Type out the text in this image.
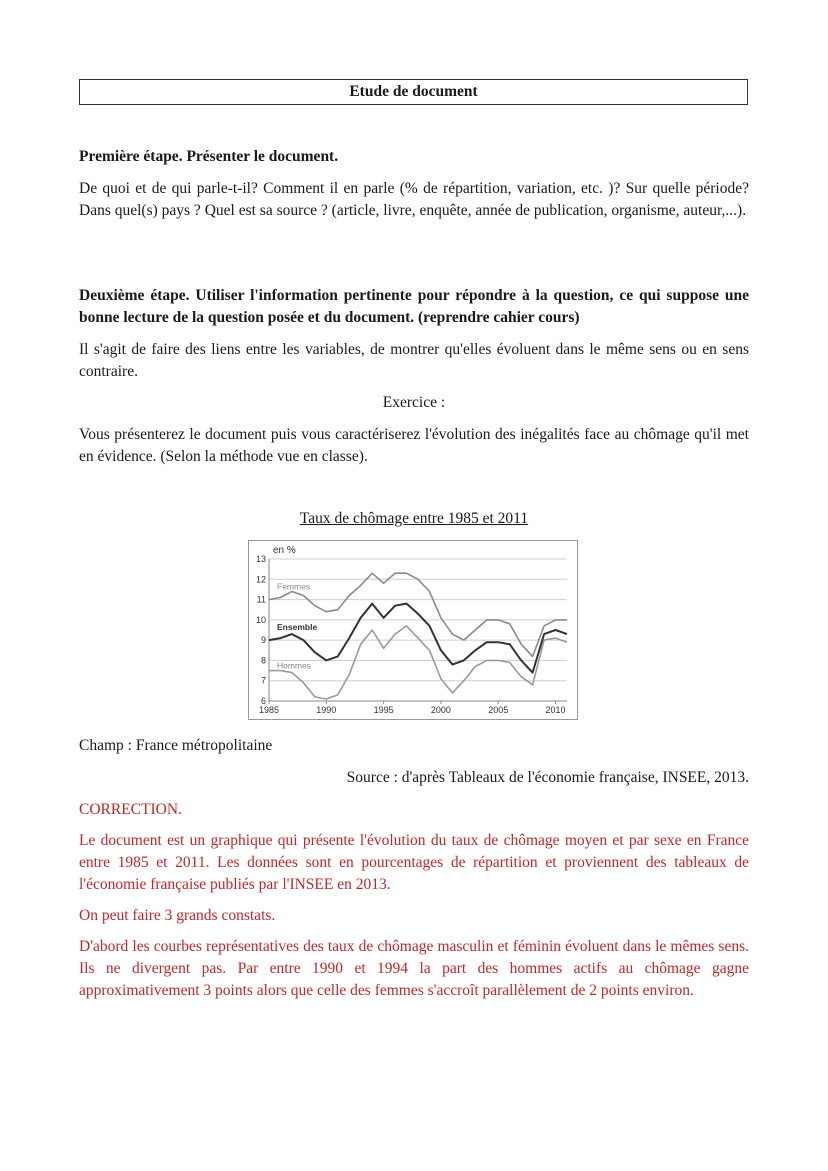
Etude de document

Première étape. Présenter le document.

De quoi et de qui parle-t-il? Comment il en parle (% de répartition, variation, etc. )? Sur quelle période? Dans quel(s) pays ? Quel est sa source ? (article, livre, enquête, année de publication, organisme, auteur,...).

Deuxième étape. Utiliser l'information pertinente pour répondre à la question, ce qui suppose une bonne lecture de la question posée et du document. (reprendre cahier cours)

Il s'agit de faire des liens entre les variables, de montrer qu'elles évoluent dans le même sens ou en sens contraire.

Exercice :

Vous présenterez le document puis vous caractériserez l'évolution des inégalités face au chômage qu'il met en évidence. (Selon la méthode vue en classe).

Taux de chômage entre 1985 et 2011
6
7
8
9
10
11
12
13
1985	1990	1995	2000	2005	2010
en %
Femmes
Ensemble
Hommes

Champ : France métropolitaine

Source : d'après Tableaux de l'économie française, INSEE, 2013.

CORRECTION.

Le document est un graphique qui présente l'évolution du taux de chômage moyen et par sexe en France entre 1985 et 2011. Les données sont en pourcentages de répartition et proviennent des tableaux de l'économie française publiés par l'INSEE en 2013.

On peut faire 3 grands constats.

D'abord les courbes représentatives des taux de chômage masculin et féminin évoluent dans le mêmes sens. Ils ne divergent pas. Par entre 1990 et 1994 la part des hommes actifs au chômage gagne approximativement 3 points alors que celle des femmes s'accroît parallèlement de 2 points environ.
